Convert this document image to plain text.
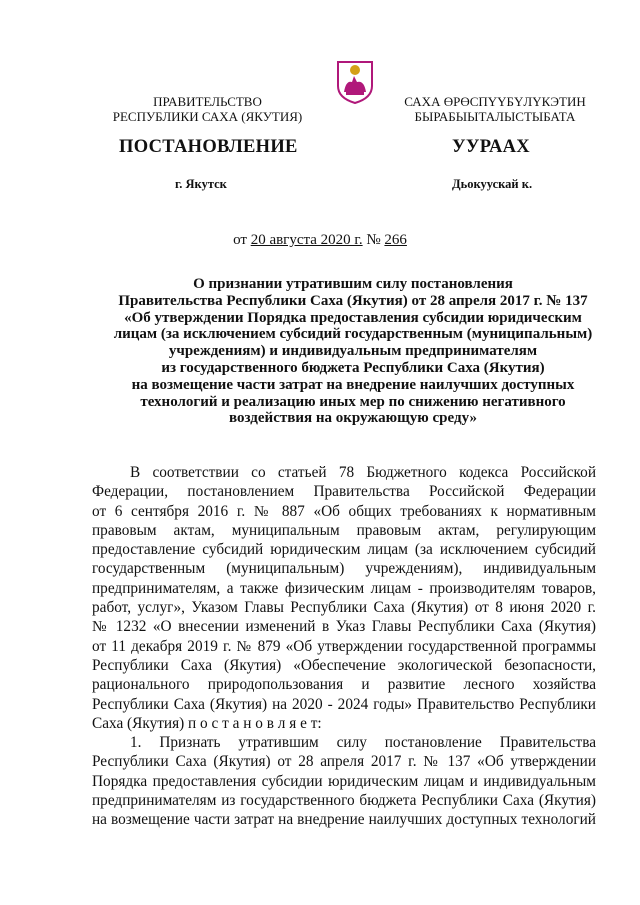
ПРАВИТЕЛЬСТВО
РЕСПУБЛИКИ САХА (ЯКУТИЯ)
САХА ӨРӨСПҮҮБҮЛҮКЭТИН
БЫРАБЫЫТАЛЫСТЫБАТА
ПОСТАНОВЛЕНИЕ	УУРААХ
г. Якутск	Дьокуускай к.
от 20 августа 2020 г. № 266
О признании утратившим силу постановления
Правительства Республики Саха (Якутия) от 28 апреля 2017 г. № 137
«Об утверждении Порядка предоставления субсидии юридическим
лицам (за исключением субсидий государственным (муниципальным)
учреждениям) и индивидуальным предпринимателям
из государственного бюджета Республики Саха (Якутия)
на возмещение части затрат на внедрение наилучших доступных
технологий и реализацию иных мер по снижению негативного
воздействия на окружающую среду»
В соответствии со статьей 78 Бюджетного кодекса Российской
Федерации, постановлением Правительства Российской Федерации
от 6 сентября 2016 г. № 887 «Об общих требованиях к нормативным
правовым актам, муниципальным правовым актам, регулирующим
предоставление субсидий юридическим лицам (за исключением субсидий
государственным (муниципальным) учреждениям), индивидуальным
предпринимателям, а также физическим лицам - производителям товаров,
работ, услуг», Указом Главы Республики Саха (Якутия) от 8 июня 2020 г.
№ 1232 «О внесении изменений в Указ Главы Республики Саха (Якутия)
от 11 декабря 2019 г. № 879 «Об утверждении государственной программы
Республики Саха (Якутия) «Обеспечение экологической безопасности,
рационального природопользования и развитие лесного хозяйства
Республики Саха (Якутия) на 2020 - 2024 годы» Правительство Республики
Саха (Якутия) п о с т а н о в л я е т:
1. Признать утратившим силу постановление Правительства
Республики Саха (Якутия) от 28 апреля 2017 г. № 137 «Об утверждении
Порядка предоставления субсидии юридическим лицам и индивидуальным
предпринимателям из государственного бюджета Республики Саха (Якутия)
на возмещение части затрат на внедрение наилучших доступных технологий
